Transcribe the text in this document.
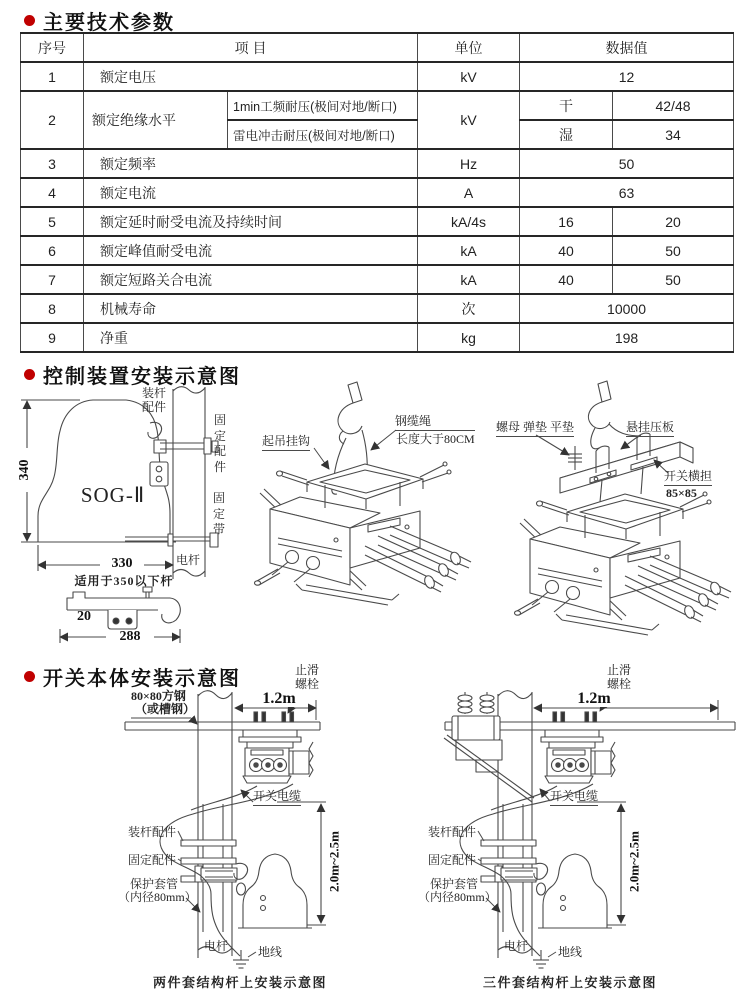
主要技术参数
序号	项 目		单位	数据值	
1	额定电压		kV	12	
2	额定绝缘水平	1min工频耐压(极间对地/断口)	kV	干	42/48
		雷电冲击耐压(极间对地/断口)		湿	34
3	额定频率		Hz	50	
4	额定电流		A	63	
5	额定延时耐受电流及持续时间		kA/4s	16	20
6	额定峰值耐受电流		kA	40	50
7	额定短路关合电流		kA	40	50
8	机械寿命		次	10000	
9	净重		kg	198	
控制装置安装示意图
SOG-Ⅱ
340
330
适用于350以下杆
装杆配件
固定配件
固定带
电杆
20
288
起吊挂钩
钢缆绳
长度大于80CM
螺母 弹垫 平垫	悬挂压板
开关横担
85×85
开关本体安装示意图
80×80方钢
（或槽钢）
1.2m
止滑螺栓
开关电缆
装杆配件
固定配件
保护套管
（内径80mm）
电杆 地线
2.0m~2.5m
两件套结构杆上安装示意图
1.2m
止滑螺栓
开关电缆
装杆配件
固定配件
保护套管
（内径80mm）
电杆 地线
2.0m~2.5m
三件套结构杆上安装示意图
